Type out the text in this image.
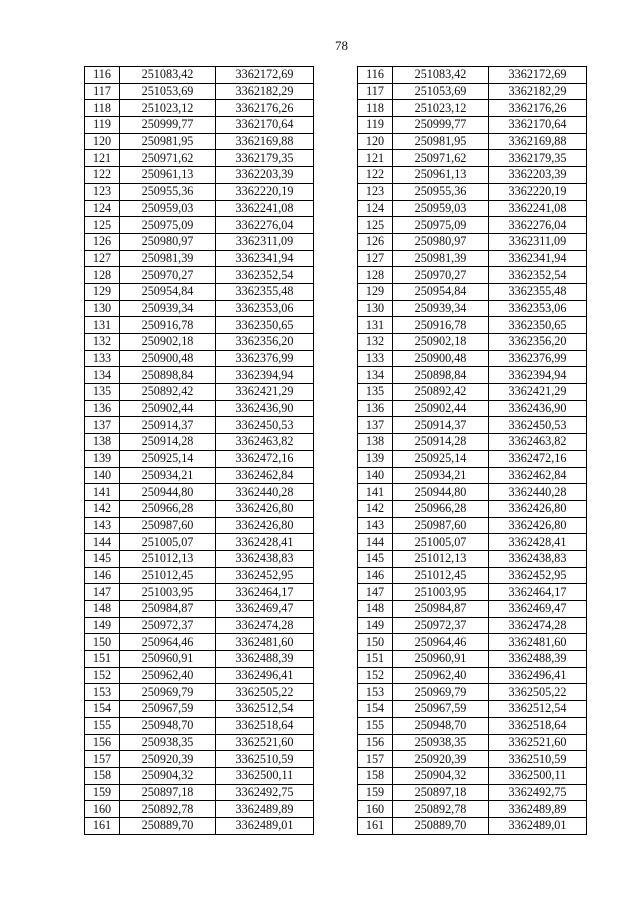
78
116	251083,42	3362172,69
117	251053,69	3362182,29
118	251023,12	3362176,26
119	250999,77	3362170,64
120	250981,95	3362169,88
121	250971,62	3362179,35
122	250961,13	3362203,39
123	250955,36	3362220,19
124	250959,03	3362241,08
125	250975,09	3362276,04
126	250980,97	3362311,09
127	250981,39	3362341,94
128	250970,27	3362352,54
129	250954,84	3362355,48
130	250939,34	3362353,06
131	250916,78	3362350,65
132	250902,18	3362356,20
133	250900,48	3362376,99
134	250898,84	3362394,94
135	250892,42	3362421,29
136	250902,44	3362436,90
137	250914,37	3362450,53
138	250914,28	3362463,82
139	250925,14	3362472,16
140	250934,21	3362462,84
141	250944,80	3362440,28
142	250966,28	3362426,80
143	250987,60	3362426,80
144	251005,07	3362428,41
145	251012,13	3362438,83
146	251012,45	3362452,95
147	251003,95	3362464,17
148	250984,87	3362469,47
149	250972,37	3362474,28
150	250964,46	3362481,60
151	250960,91	3362488,39
152	250962,40	3362496,41
153	250969,79	3362505,22
154	250967,59	3362512,54
155	250948,70	3362518,64
156	250938,35	3362521,60
157	250920,39	3362510,59
158	250904,32	3362500,11
159	250897,18	3362492,75
160	250892,78	3362489,89
161	250889,70	3362489,01
116	251083,42	3362172,69
117	251053,69	3362182,29
118	251023,12	3362176,26
119	250999,77	3362170,64
120	250981,95	3362169,88
121	250971,62	3362179,35
122	250961,13	3362203,39
123	250955,36	3362220,19
124	250959,03	3362241,08
125	250975,09	3362276,04
126	250980,97	3362311,09
127	250981,39	3362341,94
128	250970,27	3362352,54
129	250954,84	3362355,48
130	250939,34	3362353,06
131	250916,78	3362350,65
132	250902,18	3362356,20
133	250900,48	3362376,99
134	250898,84	3362394,94
135	250892,42	3362421,29
136	250902,44	3362436,90
137	250914,37	3362450,53
138	250914,28	3362463,82
139	250925,14	3362472,16
140	250934,21	3362462,84
141	250944,80	3362440,28
142	250966,28	3362426,80
143	250987,60	3362426,80
144	251005,07	3362428,41
145	251012,13	3362438,83
146	251012,45	3362452,95
147	251003,95	3362464,17
148	250984,87	3362469,47
149	250972,37	3362474,28
150	250964,46	3362481,60
151	250960,91	3362488,39
152	250962,40	3362496,41
153	250969,79	3362505,22
154	250967,59	3362512,54
155	250948,70	3362518,64
156	250938,35	3362521,60
157	250920,39	3362510,59
158	250904,32	3362500,11
159	250897,18	3362492,75
160	250892,78	3362489,89
161	250889,70	3362489,01
